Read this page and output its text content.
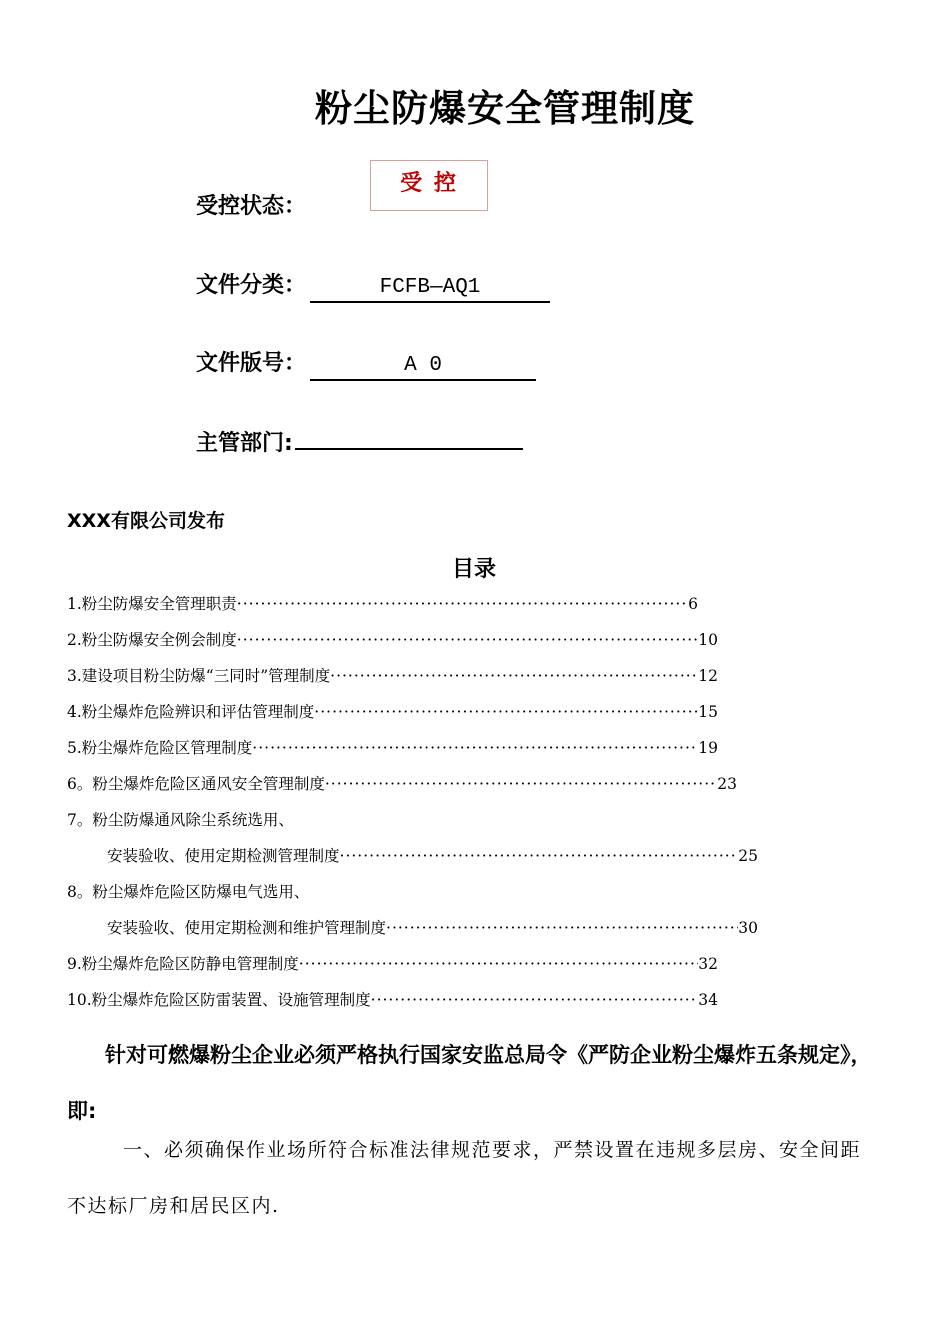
粉尘防爆安全管理制度
受控状态：
受 控
文件分类：	FCFB—AQ1
文件版号：	A 0
主管部门:
XXX有限公司发布
目录
1.粉尘防爆安全管理职责 ·····	6
2.粉尘防爆安全例会制度 ·····	10
3.建设项目粉尘防爆“三同时”管理制度 ·····	12
4.粉尘爆炸危险辨识和评估管理制度 ·····	15
5.粉尘爆炸危险区管理制度 ·····	19
6。粉尘爆炸危险区通风安全管理制度 ·····	23
7。粉尘防爆通风除尘系统选用、
安装验收、使用定期检测管理制度 ·····	25
8。粉尘爆炸危险区防爆电气选用、
安装验收、使用定期检测和维护管理制度 ·····	30
9.粉尘爆炸危险区防静电管理制度 ·····	32
10.粉尘爆炸危险区防雷装置、设施管理制度 ·····	34
针对可燃爆粉尘企业必须严格执行国家安监总局令《严防企业粉尘爆炸五条规定》，即:
一、必须确保作业场所符合标准法律规范要求，严禁设置在违规多层房、安全间距不达标厂房和居民区内.
